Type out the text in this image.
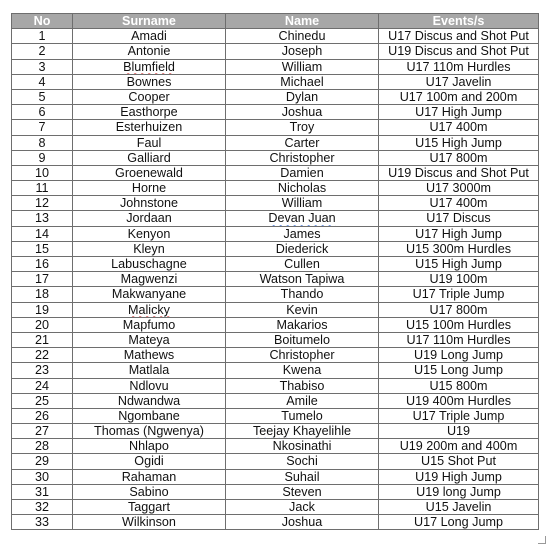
No	Surname	Name	Events/s
1	Amadi	Chinedu	U17 Discus and Shot Put
2	Antonie	Joseph	U19 Discus and Shot Put
3	Blumfield	William	U17 110m Hurdles
4	Bownes	Michael	U17 Javelin
5	Cooper	Dylan	U17 100m and 200m
6	Easthorpe	Joshua	U17 High Jump
7	Esterhuizen	Troy	U17 400m
8	Faul	Carter	U15 High Jump
9	Galliard	Christopher	U17 800m
10	Groenewald	Damien	U19 Discus and Shot Put
11	Horne	Nicholas	U17 3000m
12	Johnstone	William	U17 400m
13	Jordaan	Devan Juan	U17 Discus
14	Kenyon	James	U17 High Jump
15	Kleyn	Diederick	U15 300m Hurdles
16	Labuschagne	Cullen	U15 High Jump
17	Magwenzi	Watson Tapiwa	U19 100m
18	Makwanyane	Thando	U17 Triple Jump
19	Malicky	Kevin	U17 800m
20	Mapfumo	Makarios	U15 100m Hurdles
21	Mateya	Boitumelo	U17 110m Hurdles
22	Mathews	Christopher	U19 Long Jump
23	Matlala	Kwena	U15 Long Jump
24	Ndlovu	Thabiso	U15 800m
25	Ndwandwa	Amile	U19 400m Hurdles
26	Ngombane	Tumelo	U17 Triple Jump
27	Thomas (Ngwenya)	Teejay Khayelihle	U19
28	Nhlapo	Nkosinathi	U19 200m and 400m
29	Ogidi	Sochi	U15 Shot Put
30	Rahaman	Suhail	U19 High Jump
31	Sabino	Steven	U19 long Jump
32	Taggart	Jack	U15 Javelin
33	Wilkinson	Joshua	U17 Long Jump
